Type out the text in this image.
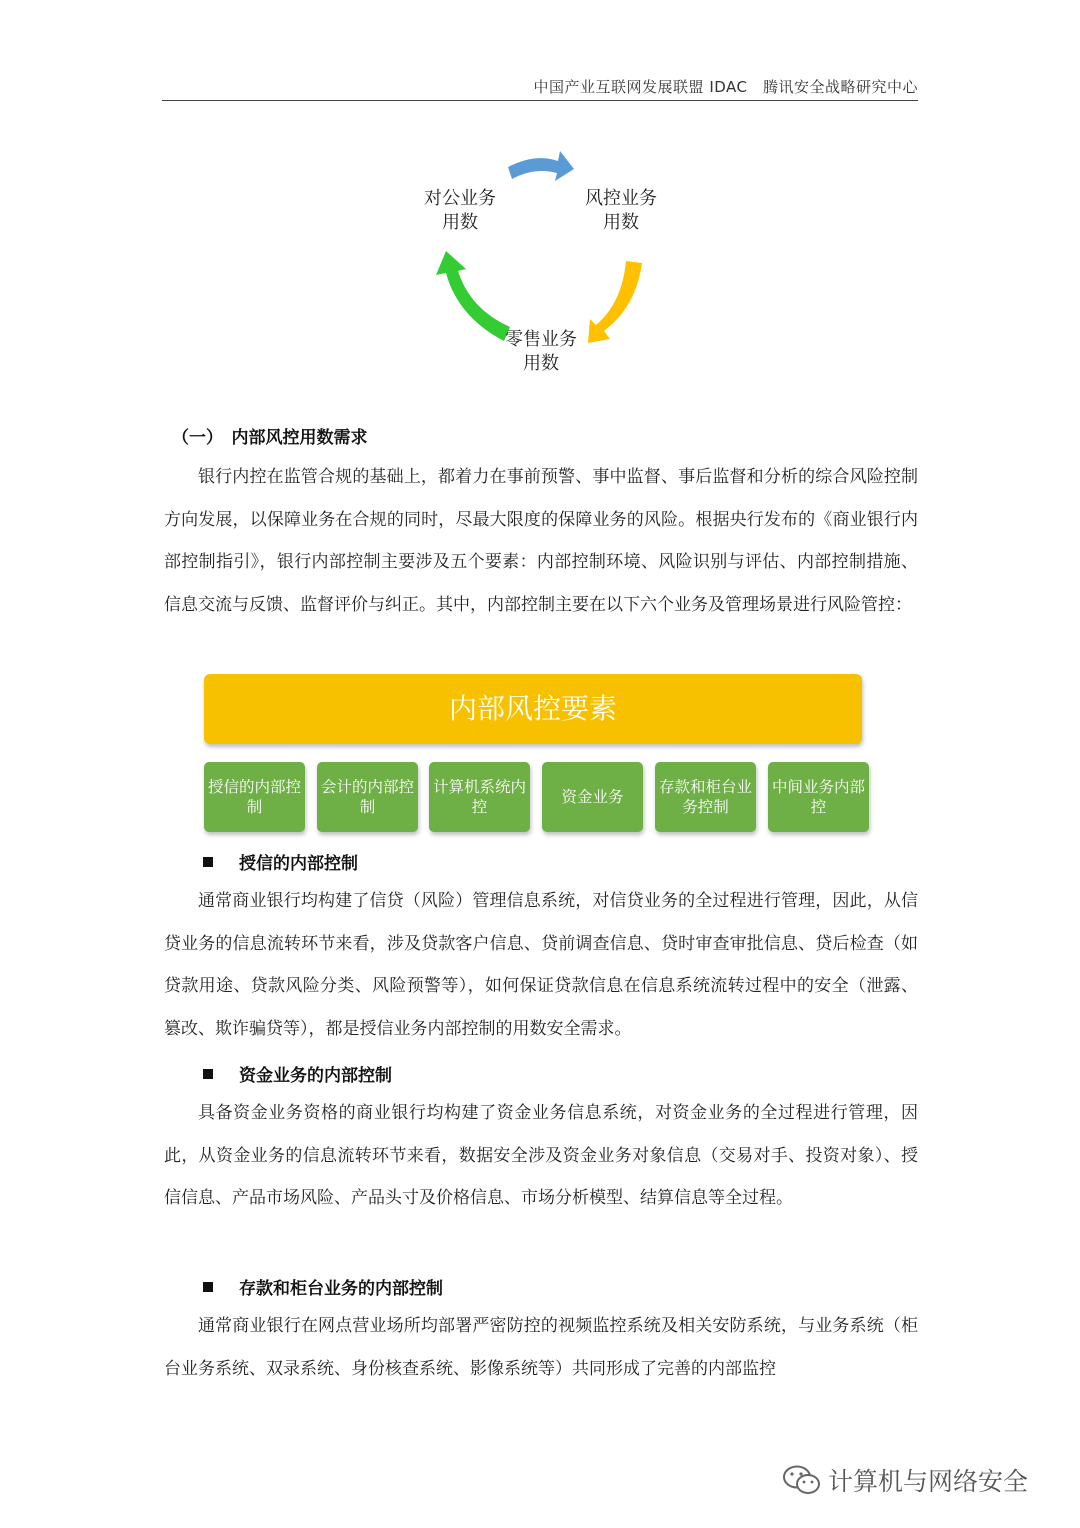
中国产业互联网发展联盟 IDAC　腾讯安全战略研究中心
对公业务
用数
风控业务
用数
零售业务
用数
（一）　内部风控用数需求

银行内控在监管合规的基础上，都着力在事前预警、事中监督、事后监督和分析的综合风险控制方向发展，以保障业务在合规的同时，尽最大限度的保障业务的风险。根据央行发布的《商业银行内部控制指引》，银行内部控制主要涉及五个要素：内部控制环境、风险识别与评估、内部控制措施、信息交流与反馈、监督评价与纠正。其中，内部控制主要在以下六个业务及管理场景进行风险管控：

内部风控要素
授信的内部控制
会计的内部控制
计算机系统内控
资金业务
存款和柜台业务控制
中间业务内部控
授信的内部控制

通常商业银行均构建了信贷（风险）管理信息系统，对信贷业务的全过程进行管理，因此，从信贷业务的信息流转环节来看，涉及贷款客户信息、贷前调查信息、贷时审查审批信息、贷后检查（如贷款用途、贷款风险分类、风险预警等），如何保证贷款信息在信息系统流转过程中的安全（泄露、篡改、欺诈骗贷等），都是授信业务内部控制的用数安全需求。

资金业务的内部控制

具备资金业务资格的商业银行均构建了资金业务信息系统，对资金业务的全过程进行管理，因此，从资金业务的信息流转环节来看，数据安全涉及资金业务对象信息（交易对手、投资对象）、授信信息、产品市场风险、产品头寸及价格信息、市场分析模型、结算信息等全过程。

存款和柜台业务的内部控制

通常商业银行在网点营业场所均部署严密防控的视频监控系统及相关安防系统，与业务系统（柜台业务系统、双录系统、身份核查系统、影像系统等）共同形成了完善的内部监控

计算机与网络安全
